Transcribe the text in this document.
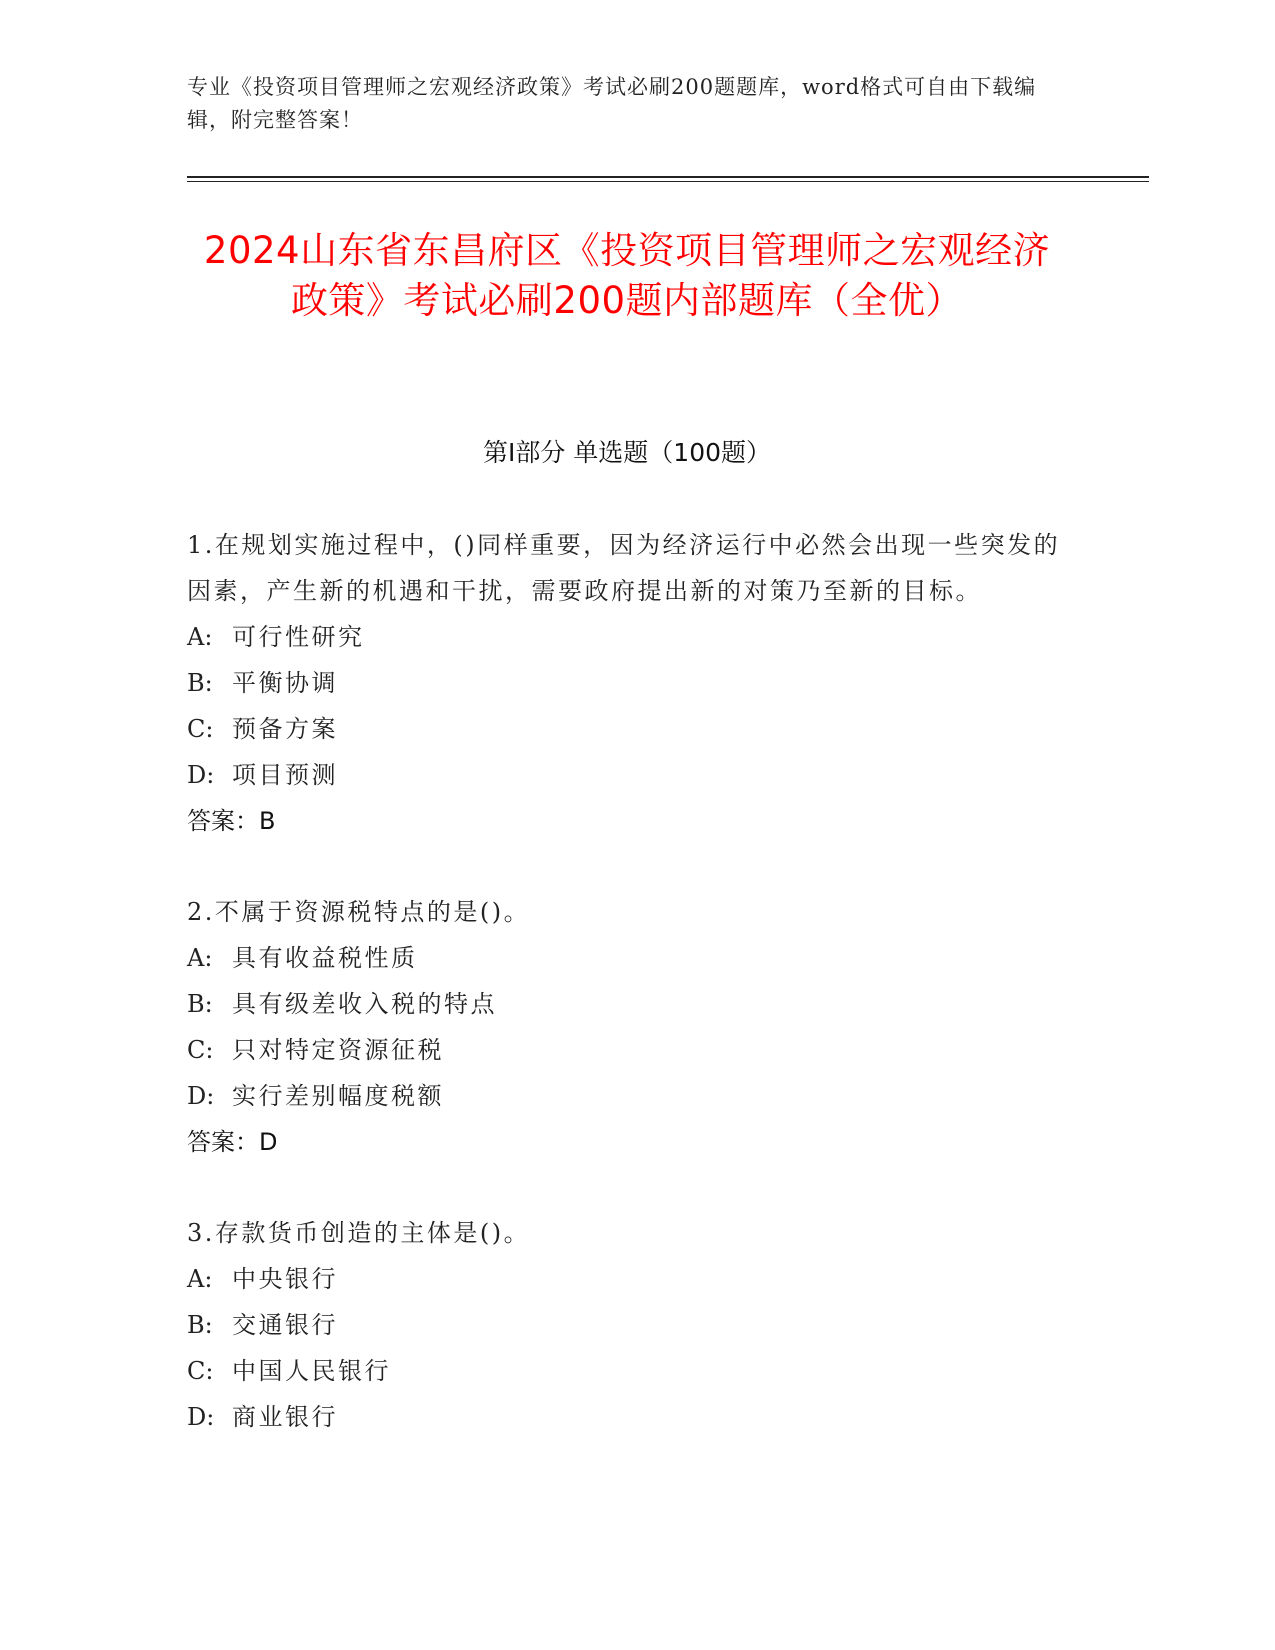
专业《投资项目管理师之宏观经济政策》考试必刷200题题库，word格式可自由下载编辑，附完整答案！
2024山东省东昌府区《投资项目管理师之宏观经济政策》考试必刷200题内部题库（全优）
第Ⅰ部分 单选题（100题）
1.在规划实施过程中，()同样重要，因为经济运行中必然会出现一些突发的因素，产生新的机遇和干扰，需要政府提出新的对策乃至新的目标。
A: 可行性研究
B: 平衡协调
C: 预备方案
D: 项目预测
答案：B
2.不属于资源税特点的是()。
A: 具有收益税性质
B: 具有级差收入税的特点
C: 只对特定资源征税
D: 实行差别幅度税额
答案：D
3.存款货币创造的主体是()。
A: 中央银行
B: 交通银行
C: 中国人民银行
D: 商业银行
